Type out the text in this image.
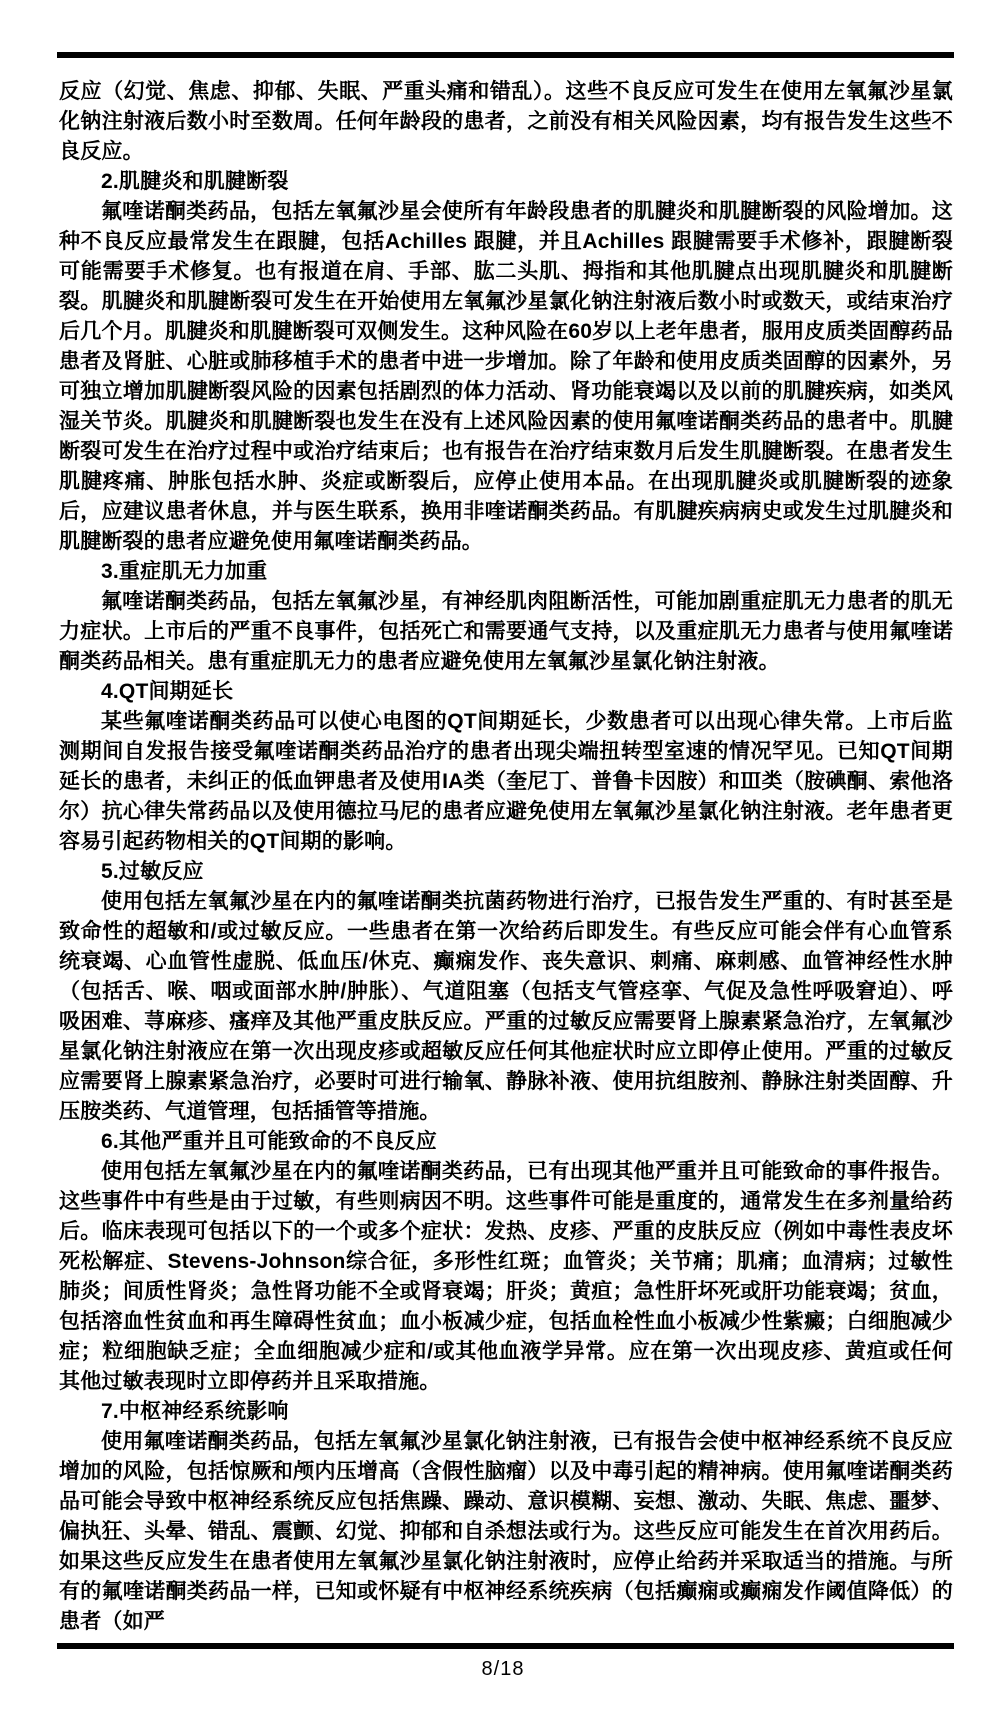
反应（幻觉、焦虑、抑郁、失眠、严重头痛和错乱）。这些不良反应可发生在使用左氧氟沙星氯化钠注射液后数小时至数周。任何年龄段的患者，之前没有相关风险因素，均有报告发生这些不良反应。

2.肌腱炎和肌腱断裂

氟喹诺酮类药品，包括左氧氟沙星会使所有年龄段患者的肌腱炎和肌腱断裂的风险增加。这种不良反应最常发生在跟腱，包括Achilles 跟腱，并且Achilles 跟腱需要手术修补，跟腱断裂可能需要手术修复。也有报道在肩、手部、肱二头肌、拇指和其他肌腱点出现肌腱炎和肌腱断裂。肌腱炎和肌腱断裂可发生在开始使用左氧氟沙星氯化钠注射液后数小时或数天，或结束治疗后几个月。肌腱炎和肌腱断裂可双侧发生。这种风险在60岁以上老年患者，服用皮质类固醇药品患者及肾脏、心脏或肺移植手术的患者中进一步增加。除了年龄和使用皮质类固醇的因素外，另可独立增加肌腱断裂风险的因素包括剧烈的体力活动、肾功能衰竭以及以前的肌腱疾病，如类风湿关节炎。肌腱炎和肌腱断裂也发生在没有上述风险因素的使用氟喹诺酮类药品的患者中。肌腱断裂可发生在治疗过程中或治疗结束后；也有报告在治疗结束数月后发生肌腱断裂。在患者发生肌腱疼痛、肿胀包括水肿、炎症或断裂后，应停止使用本品。在出现肌腱炎或肌腱断裂的迹象后，应建议患者休息，并与医生联系，换用非喹诺酮类药品。有肌腱疾病病史或发生过肌腱炎和肌腱断裂的患者应避免使用氟喹诺酮类药品。

3.重症肌无力加重

氟喹诺酮类药品，包括左氧氟沙星，有神经肌肉阻断活性，可能加剧重症肌无力患者的肌无力症状。上市后的严重不良事件，包括死亡和需要通气支持，以及重症肌无力患者与使用氟喹诺酮类药品相关。患有重症肌无力的患者应避免使用左氧氟沙星氯化钠注射液。

4.QT间期延长

某些氟喹诺酮类药品可以使心电图的QT间期延长，少数患者可以出现心律失常。上市后监测期间自发报告接受氟喹诺酮类药品治疗的患者出现尖端扭转型室速的情况罕见。已知QT间期延长的患者，未纠正的低血钾患者及使用IA类（奎尼丁、普鲁卡因胺）和Ⅲ类（胺碘酮、索他洛尔）抗心律失常药品以及使用德拉马尼的患者应避免使用左氧氟沙星氯化钠注射液。老年患者更容易引起药物相关的QT间期的影响。

5.过敏反应

使用包括左氧氟沙星在内的氟喹诺酮类抗菌药物进行治疗，已报告发生严重的、有时甚至是致命性的超敏和/或过敏反应。一些患者在第一次给药后即发生。有些反应可能会伴有心血管系统衰竭、心血管性虚脱、低血压/休克、癫痫发作、丧失意识、刺痛、麻刺感、血管神经性水肿（包括舌、喉、咽或面部水肿/肿胀）、气道阻塞（包括支气管痉挛、气促及急性呼吸窘迫）、呼吸困难、荨麻疹、瘙痒及其他严重皮肤反应。严重的过敏反应需要肾上腺素紧急治疗，左氧氟沙星氯化钠注射液应在第一次出现皮疹或超敏反应任何其他症状时应立即停止使用。严重的过敏反应需要肾上腺素紧急治疗，必要时可进行输氧、静脉补液、使用抗组胺剂、静脉注射类固醇、升压胺类药、气道管理，包括插管等措施。

6.其他严重并且可能致命的不良反应

使用包括左氧氟沙星在内的氟喹诺酮类药品，已有出现其他严重并且可能致命的事件报告。这些事件中有些是由于过敏，有些则病因不明。这些事件可能是重度的，通常发生在多剂量给药后。临床表现可包括以下的一个或多个症状：发热、皮疹、严重的皮肤反应（例如中毒性表皮坏死松解症、Stevens-Johnson综合征，多形性红斑；血管炎；关节痛；肌痛；血清病；过敏性肺炎；间质性肾炎；急性肾功能不全或肾衰竭；肝炎；黄疸；急性肝坏死或肝功能衰竭；贫血，包括溶血性贫血和再生障碍性贫血；血小板减少症，包括血栓性血小板减少性紫癜；白细胞减少症；粒细胞缺乏症；全血细胞减少症和/或其他血液学异常。应在第一次出现皮疹、黄疸或任何其他过敏表现时立即停药并且采取措施。

7.中枢神经系统影响

使用氟喹诺酮类药品，包括左氧氟沙星氯化钠注射液，已有报告会使中枢神经系统不良反应增加的风险，包括惊厥和颅内压增高（含假性脑瘤）以及中毒引起的精神病。使用氟喹诺酮类药品可能会导致中枢神经系统反应包括焦躁、躁动、意识模糊、妄想、激动、失眠、焦虑、噩梦、偏执狂、头晕、错乱、震颤、幻觉、抑郁和自杀想法或行为。这些反应可能发生在首次用药后。如果这些反应发生在患者使用左氧氟沙星氯化钠注射液时，应停止给药并采取适当的措施。与所有的氟喹诺酮类药品一样，已知或怀疑有中枢神经系统疾病（包括癫痫或癫痫发作阈值降低）的患者（如严

8/18
